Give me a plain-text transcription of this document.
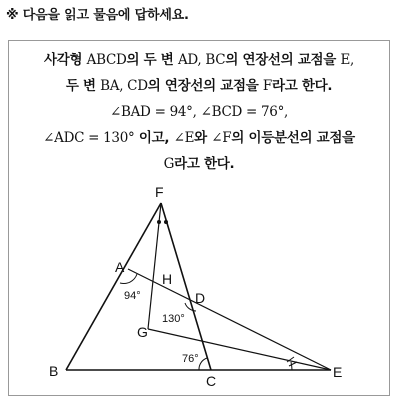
※ 다음을 읽고 물음에 답하세요.
사각형 ABCD의 두 변 AD, BC의 연장선의 교점을 E,
두 변 BA, CD의 연장선의 교점을 F라고 한다.
∠BAD = 94°, ∠BCD = 76°,
∠ADC = 130° 이고, ∠E와 ∠F의 이등분선의 교점을
G라고 한다.
F
A
H
D
G
B
C
E
94°
130°
76°
